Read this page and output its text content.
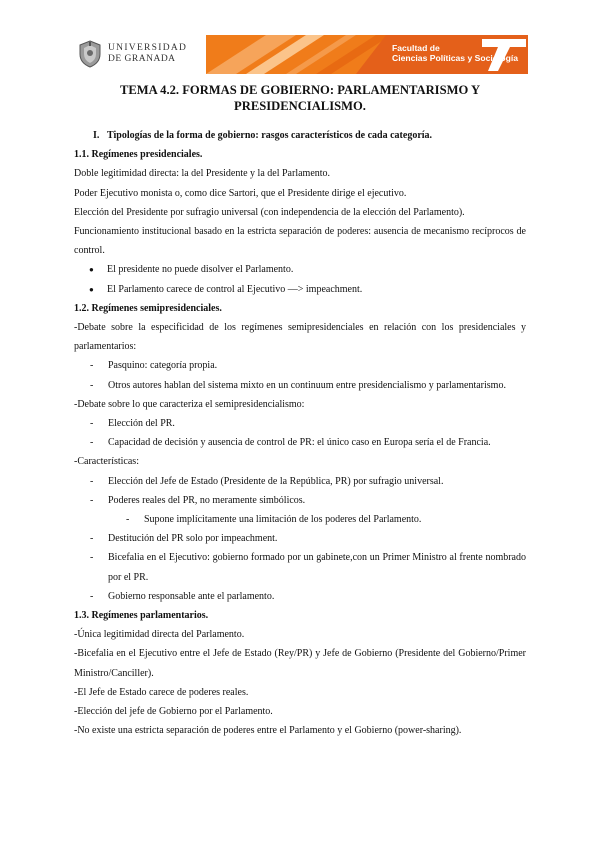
UNIVERSIDAD
DE GRANADA
Facultad de
Ciencias Políticas y Sociología
TEMA 4.2. FORMAS DE GOBIERNO: PARLAMENTARISMO Y
PRESIDENCIALISMO.

I. Tipologías de la forma de gobierno: rasgos característicos de cada categoría.

1.1. Regímenes presidenciales.

Doble legitimidad directa: la del Presidente y la del Parlamento.

Poder Ejecutivo monista o, como dice Sartori, que el Presidente dirige el ejecutivo.

Elección del Presidente por sufragio universal (con independencia de la elección del Parlamento).

Funcionamiento institucional basado en la estricta separación de poderes: ausencia de mecanismo recíprocos de control.

● El presidente no puede disolver el Parlamento.

● El Parlamento carece de control al Ejecutivo —> impeachment.

1.2. Regímenes semipresidenciales.

-Debate sobre la especificidad de los regímenes semipresidenciales en relación con los presidenciales y parlamentarios:

- Pasquino: categoría propia.

- Otros autores hablan del sistema mixto en un continuum entre presidencialismo y parlamentarismo.

-Debate sobre lo que caracteriza el semipresidencialismo:

- Elección del PR.

- Capacidad de decisión y ausencia de control de PR: el único caso en Europa sería el de Francia.

-Características:

- Elección del Jefe de Estado (Presidente de la República, PR) por sufragio universal.

- Poderes reales del PR, no meramente simbólicos.

- Supone implícitamente una limitación de los poderes del Parlamento.

- Destitución del PR solo por impeachment.

- Bicefalia en el Ejecutivo: gobierno formado por un gabinete,con un Primer Ministro al frente nombrado por el PR.

- Gobierno responsable ante el parlamento.

1.3. Regímenes parlamentarios.

-Única legitimidad directa del Parlamento.

-Bicefalia en el Ejecutivo entre el Jefe de Estado (Rey/PR) y Jefe de Gobierno (Presidente del Gobierno/Primer Ministro/Canciller).

-El Jefe de Estado carece de poderes reales.

-Elección del jefe de Gobierno por el Parlamento.

-No existe una estricta separación de poderes entre el Parlamento y el Gobierno (power-sharing).
